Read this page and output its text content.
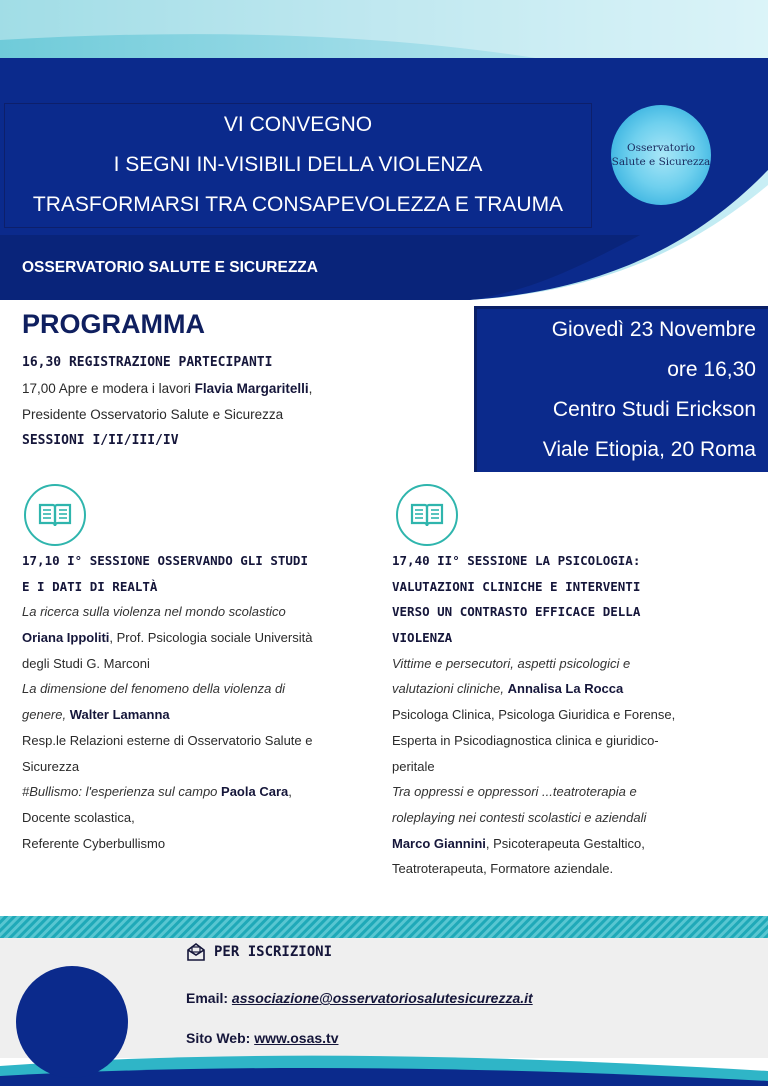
VI CONVEGNO
I SEGNI IN-VISIBILI DELLA VIOLENZA
TRASFORMARSI TRA CONSAPEVOLEZZA E TRAUMA
Osservatorio
Salute e Sicurezza
OSSERVATORIO SALUTE E SICUREZZA
PROGRAMMA
16,30 REGISTRAZIONE PARTECIPANTI
17,00 Apre e modera i lavori Flavia Margaritelli,
Presidente Osservatorio Salute e Sicurezza
SESSIONI I/II/III/IV
Giovedì 23 Novembre
ore 16,30
Centro Studi Erickson
Viale Etiopia, 20 Roma
17,10 I° SESSIONE OSSERVANDO GLI STUDI
E I DATI DI REALTÀ
La ricerca sulla violenza nel mondo scolastico
Oriana Ippoliti, Prof. Psicologia sociale Università
degli Studi G. Marconi
La dimensione del fenomeno della violenza di
genere, Walter Lamanna
Resp.le Relazioni esterne di Osservatorio Salute e
Sicurezza
#Bullismo: l'esperienza sul campo Paola Cara,
Docente scolastica,
Referente Cyberbullismo
17,40 II° SESSIONE LA PSICOLOGIA:
VALUTAZIONI CLINICHE E INTERVENTI
VERSO UN CONTRASTO EFFICACE DELLA
VIOLENZA
Vittime e persecutori, aspetti psicologici e
valutazioni cliniche, Annalisa La Rocca
Psicologa Clinica, Psicologa Giuridica e Forense,
Esperta in Psicodiagnostica clinica e giuridico-
peritale
Tra oppressi e oppressori ...teatroterapia e
roleplaying nei contesti scolastici e aziendali
Marco Giannini, Psicoterapeuta Gestaltico,
Teatroterapeuta, Formatore aziendale.
PER ISCRIZIONI
Email: associazione@osservatoriosalutesicurezza.it
Sito Web: www.osas.tv
